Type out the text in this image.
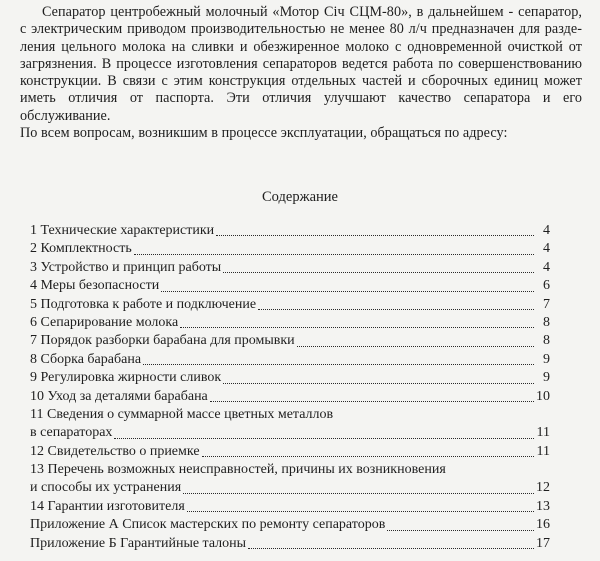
Сепаратор центробежный молочный «Мотор Січ СЦМ-80», в дальнейшем - сепаратор,
с электрическим приводом производительностью не менее 80 л/ч предназначен для разде-
ления цельного молока на сливки и обезжиренное молоко с одновременной очисткой от
загрязнения. В процессе изготовления сепараторов ведется работа по совершенствованию
конструкции. В связи с этим конструкция отдельных частей и сборочных единиц может
иметь отличия от паспорта. Эти отличия улучшают качество сепаратора и его обслуживание.
По всем вопросам, возникшим в процессе эксплуатации, обращаться по адресу:
Содержание
1 Технические характеристики	4
2 Комплектность	4
3 Устройство и принцип работы	4
4 Меры безопасности	6
5 Подготовка к работе и подключение	7
6 Сепарирование молока	8
7 Порядок разборки барабана для промывки	8
8 Сборка барабана	9
9 Регулировка жирности сливок	9
10 Уход за деталями барабана	10
11 Сведения о суммарной массе цветных металлов
в сепараторах	11
12 Свидетельство о приемке	11
13 Перечень возможных неисправностей, причины их возникновения
и способы их устранения	12
14 Гарантии изготовителя	13
Приложение А Список мастерских по ремонту сепараторов	16
Приложение Б Гарантийные талоны	17
